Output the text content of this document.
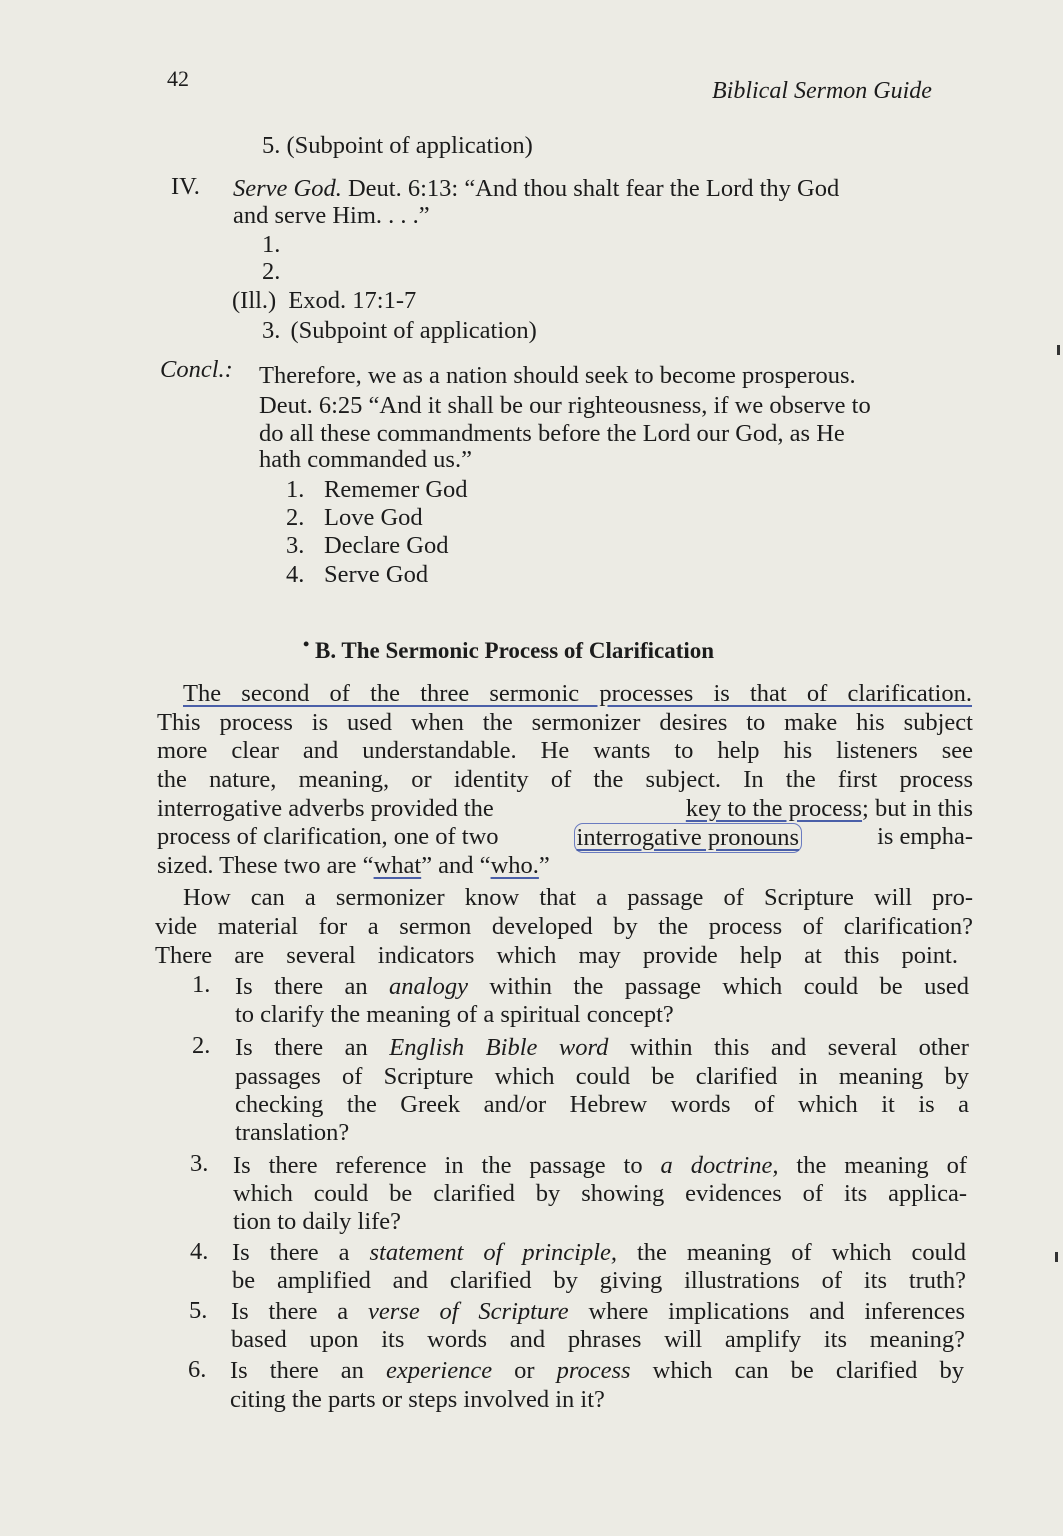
42	Biblical Sermon Guide
5. (Subpoint of application)
IV. Serve God. Deut. 6:13: “And thou shalt fear the Lord thy God
and serve Him. . . .”
1.
2.
(Ill.) Exod. 17:1-7
3. (Subpoint of application)
Concl.: Therefore, we as a nation should seek to become prosperous.
Deut. 6:25 “And it shall be our righteousness, if we observe to
do all these commandments before the Lord our God, as He
hath commanded us.”
1. Rememer God
2. Love God
3. Declare God
4. Serve God
• B. The Sermonic Process of Clarification
The second of the three sermonic processes is that of clarification.
This process is used when the sermonizer desires to make his subject
more clear and understandable. He wants to help his listeners see
the nature, meaning, or identity of the subject. In the first process
interrogative adverbs provided the	key to the process; but in this
process of clarification, one of two	interrogative pronouns	is empha-
sized. These two are “what” and “who.”
How can a sermonizer know that a passage of Scripture will pro-
vide material for a sermon developed by the process of clarification?
There are several indicators which may provide help at this point.
1. Is there an analogy within the passage which could be used
to clarify the meaning of a spiritual concept?
2. Is there an English Bible word within this and several other
passages of Scripture which could be clarified in meaning by
checking the Greek and/or Hebrew words of which it is a
translation?
3. Is there reference in the passage to a doctrine, the meaning of
which could be clarified by showing evidences of its applica-
tion to daily life?
4. Is there a statement of principle, the meaning of which could
be amplified and clarified by giving illustrations of its truth?
5. Is there a verse of Scripture where implications and inferences
based upon its words and phrases will amplify its meaning?
6. Is there an experience or process which can be clarified by
citing the parts or steps involved in it?
